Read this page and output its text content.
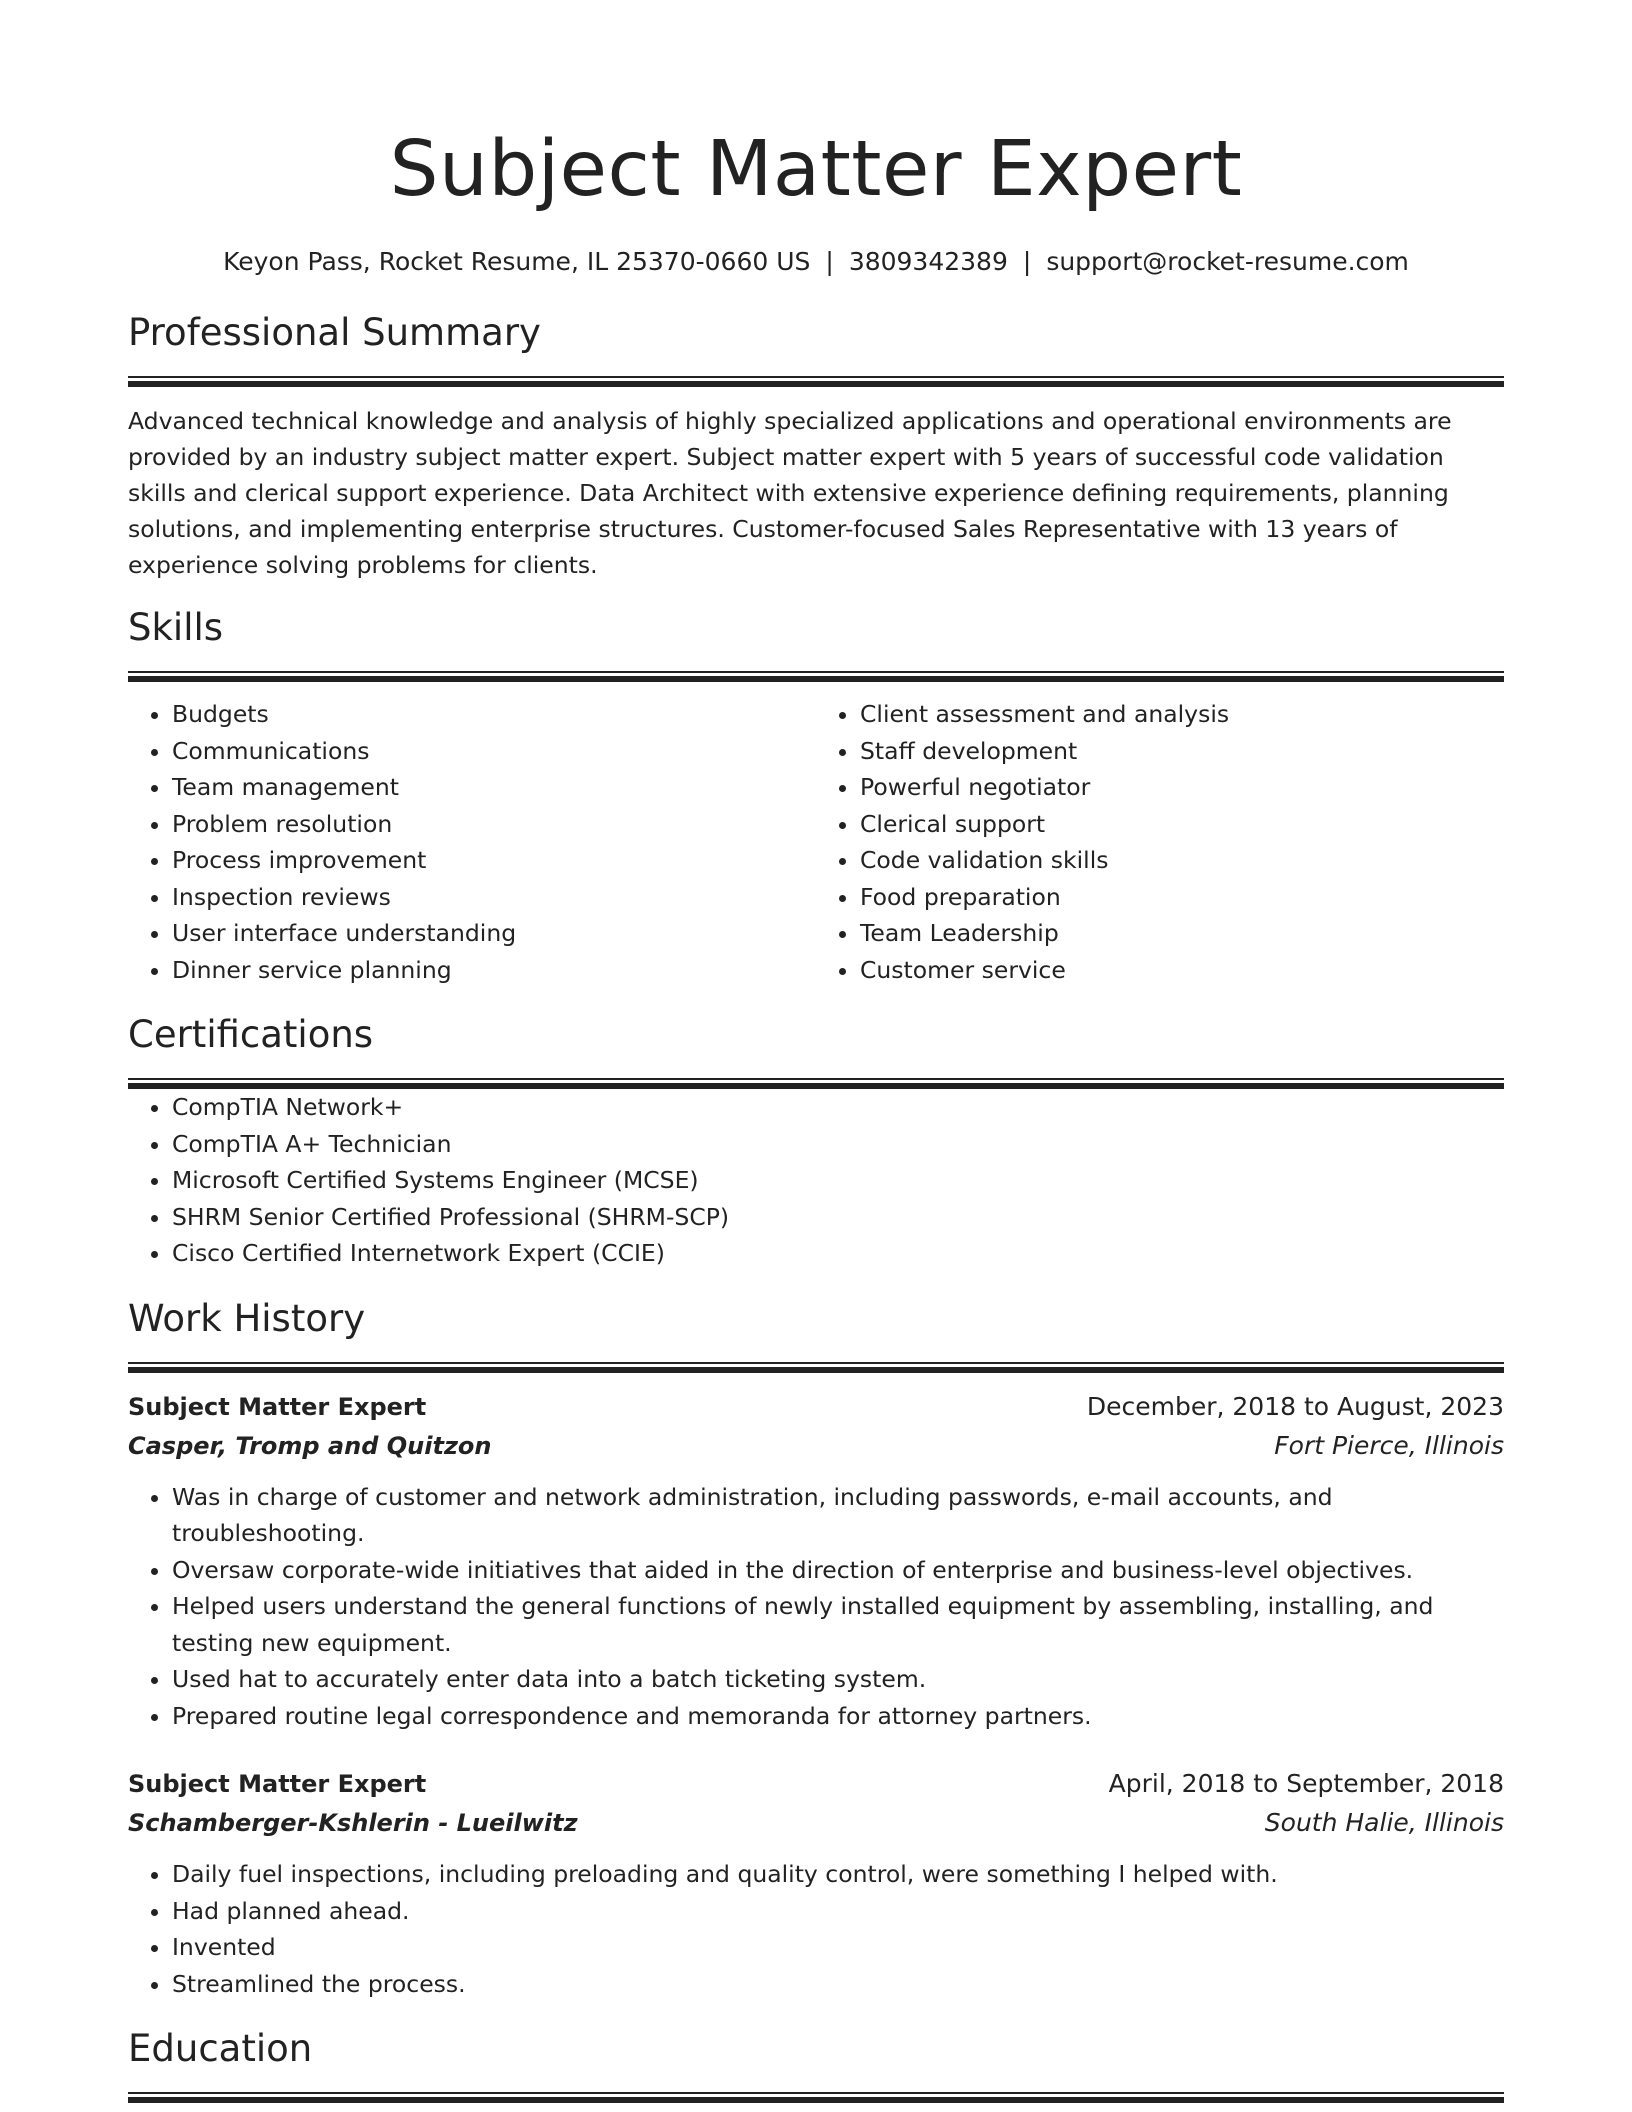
Subject Matter Expert
Keyon Pass, Rocket Resume, IL 25370-0660 US | 3809342389 | support@rocket-resume.com
Professional Summary

Advanced technical knowledge and analysis of highly specialized applications and operational environments are provided by an industry subject matter expert. Subject matter expert with 5 years of successful code validation skills and clerical support experience. Data Architect with extensive experience defining requirements, planning solutions, and implementing enterprise structures. Customer-focused Sales Representative with 13 years of experience solving problems for clients.

Skills
• Budgets
• Communications
• Team management
• Problem resolution
• Process improvement
• Inspection reviews
• User interface understanding
• Dinner service planning
• Client assessment and analysis
• Staff development
• Powerful negotiator
• Clerical support
• Code validation skills
• Food preparation
• Team Leadership
• Customer service
Certifications
• CompTIA Network+
• CompTIA A+ Technician
• Microsoft Certified Systems Engineer (MCSE)
• SHRM Senior Certified Professional (SHRM-SCP)
• Cisco Certified Internetwork Expert (CCIE)
Work History
Subject Matter Expert	December, 2018 to August, 2023
Casper, Tromp and Quitzon	Fort Pierce, Illinois
• Was in charge of customer and network administration, including passwords, e-mail accounts, and troubleshooting.
• Oversaw corporate-wide initiatives that aided in the direction of enterprise and business-level objectives.
• Helped users understand the general functions of newly installed equipment by assembling, installing, and testing new equipment.
• Used hat to accurately enter data into a batch ticketing system.
• Prepared routine legal correspondence and memoranda for attorney partners.
Subject Matter Expert	April, 2018 to September, 2018
Schamberger-Kshlerin - Lueilwitz	South Halie, Illinois
• Daily fuel inspections, including preloading and quality control, were something I helped with.
• Had planned ahead.
• Invented
• Streamlined the process.
Education
